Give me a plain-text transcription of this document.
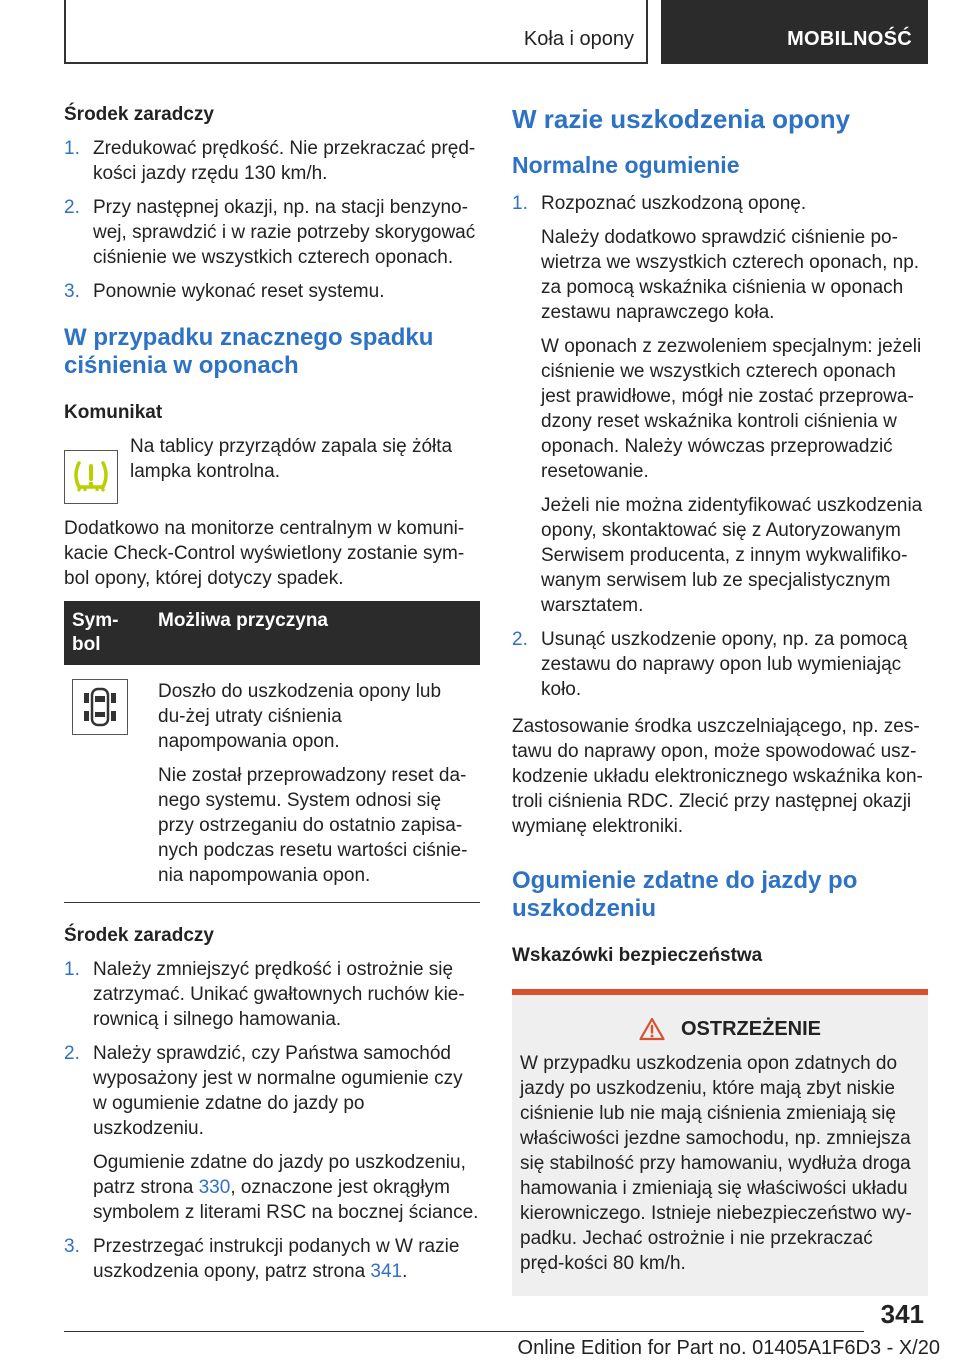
Koła i opony	MOBILNOŚĆ
Środek zaradczy
1. Zredukować prędkość. Nie przekraczać pręd-kości jazdy rzędu 130 km/h.
2. Przy następnej okazji, np. na stacji benzyno-wej, sprawdzić i w razie potrzeby skorygować ciśnienie we wszystkich czterech oponach.
3. Ponownie wykonać reset systemu.
W przypadku znacznego spadku ciśnienia w oponach
Komunikat

Na tablicy przyrządów zapala się żółta lampka kontrolna.

Dodatkowo na monitorze centralnym w komuni-kacie Check-Control wyświetlony zostanie sym-bol opony, której dotyczy spadek.

Sym-bol	Możliwa przyczyna

Doszło do uszkodzenia opony lub du-żej utraty ciśnienia napompowania opon.

Nie został przeprowadzony reset da-nego systemu. System odnosi się przy ostrzeganiu do ostatnio zapisa-nych podczas resetu wartości ciśnie-nia napompowania opon.

Środek zaradczy
1. Należy zmniejszyć prędkość i ostrożnie się zatrzymać. Unikać gwałtownych ruchów kie-rownicą i silnego hamowania.
2. Należy sprawdzić, czy Państwa samochód wyposażony jest w normalne ogumienie czy w ogumienie zdatne do jazdy po uszkodzeniu.
Ogumienie zdatne do jazdy po uszkodzeniu, patrz strona 330, oznaczone jest okrągłym symbolem z literami RSC na bocznej ściance.
3. Przestrzegać instrukcji podanych w W razie uszkodzenia opony, patrz strona 341.
W razie uszkodzenia opony
Normalne ogumienie
1. Rozpoznać uszkodzoną oponę.
Należy dodatkowo sprawdzić ciśnienie po-wietrza we wszystkich czterech oponach, np. za pomocą wskaźnika ciśnienia w oponach zestawu naprawczego koła.
W oponach z zezwoleniem specjalnym: jeżeli ciśnienie we wszystkich czterech oponach jest prawidłowe, mógł nie zostać przeprowa-dzony reset wskaźnika kontroli ciśnienia w oponach. Należy wówczas przeprowadzić resetowanie.
Jeżeli nie można zidentyfikować uszkodzenia opony, skontaktować się z Autoryzowanym Serwisem producenta, z innym wykwalifiko-wanym serwisem lub ze specjalistycznym warsztatem.
2. Usunąć uszkodzenie opony, np. za pomocą zestawu do naprawy opon lub wymieniając koło.

Zastosowanie środka uszczelniającego, np. zes-tawu do naprawy opon, może spowodować usz-kodzenie układu elektronicznego wskaźnika kon-troli ciśnienia RDC. Zlecić przy następnej okazji wymianę elektroniki.

Ogumienie zdatne do jazdy po uszkodzeniu
Wskazówki bezpieczeństwa
OSTRZEŻENIE

W przypadku uszkodzenia opon zdatnych do jazdy po uszkodzeniu, które mają zbyt niskie ciśnienie lub nie mają ciśnienia zmieniają się właściwości jezdne samochodu, np. zmniejsza się stabilność przy hamowaniu, wydłuża droga hamowania i zmieniają się właściwości układu kierowniczego. Istnieje niebezpieczeństwo wy-padku. Jechać ostrożnie i nie przekraczać pręd-kości 80 km/h.

341
Online Edition for Part no. 01405A1F6D3 - X/20
